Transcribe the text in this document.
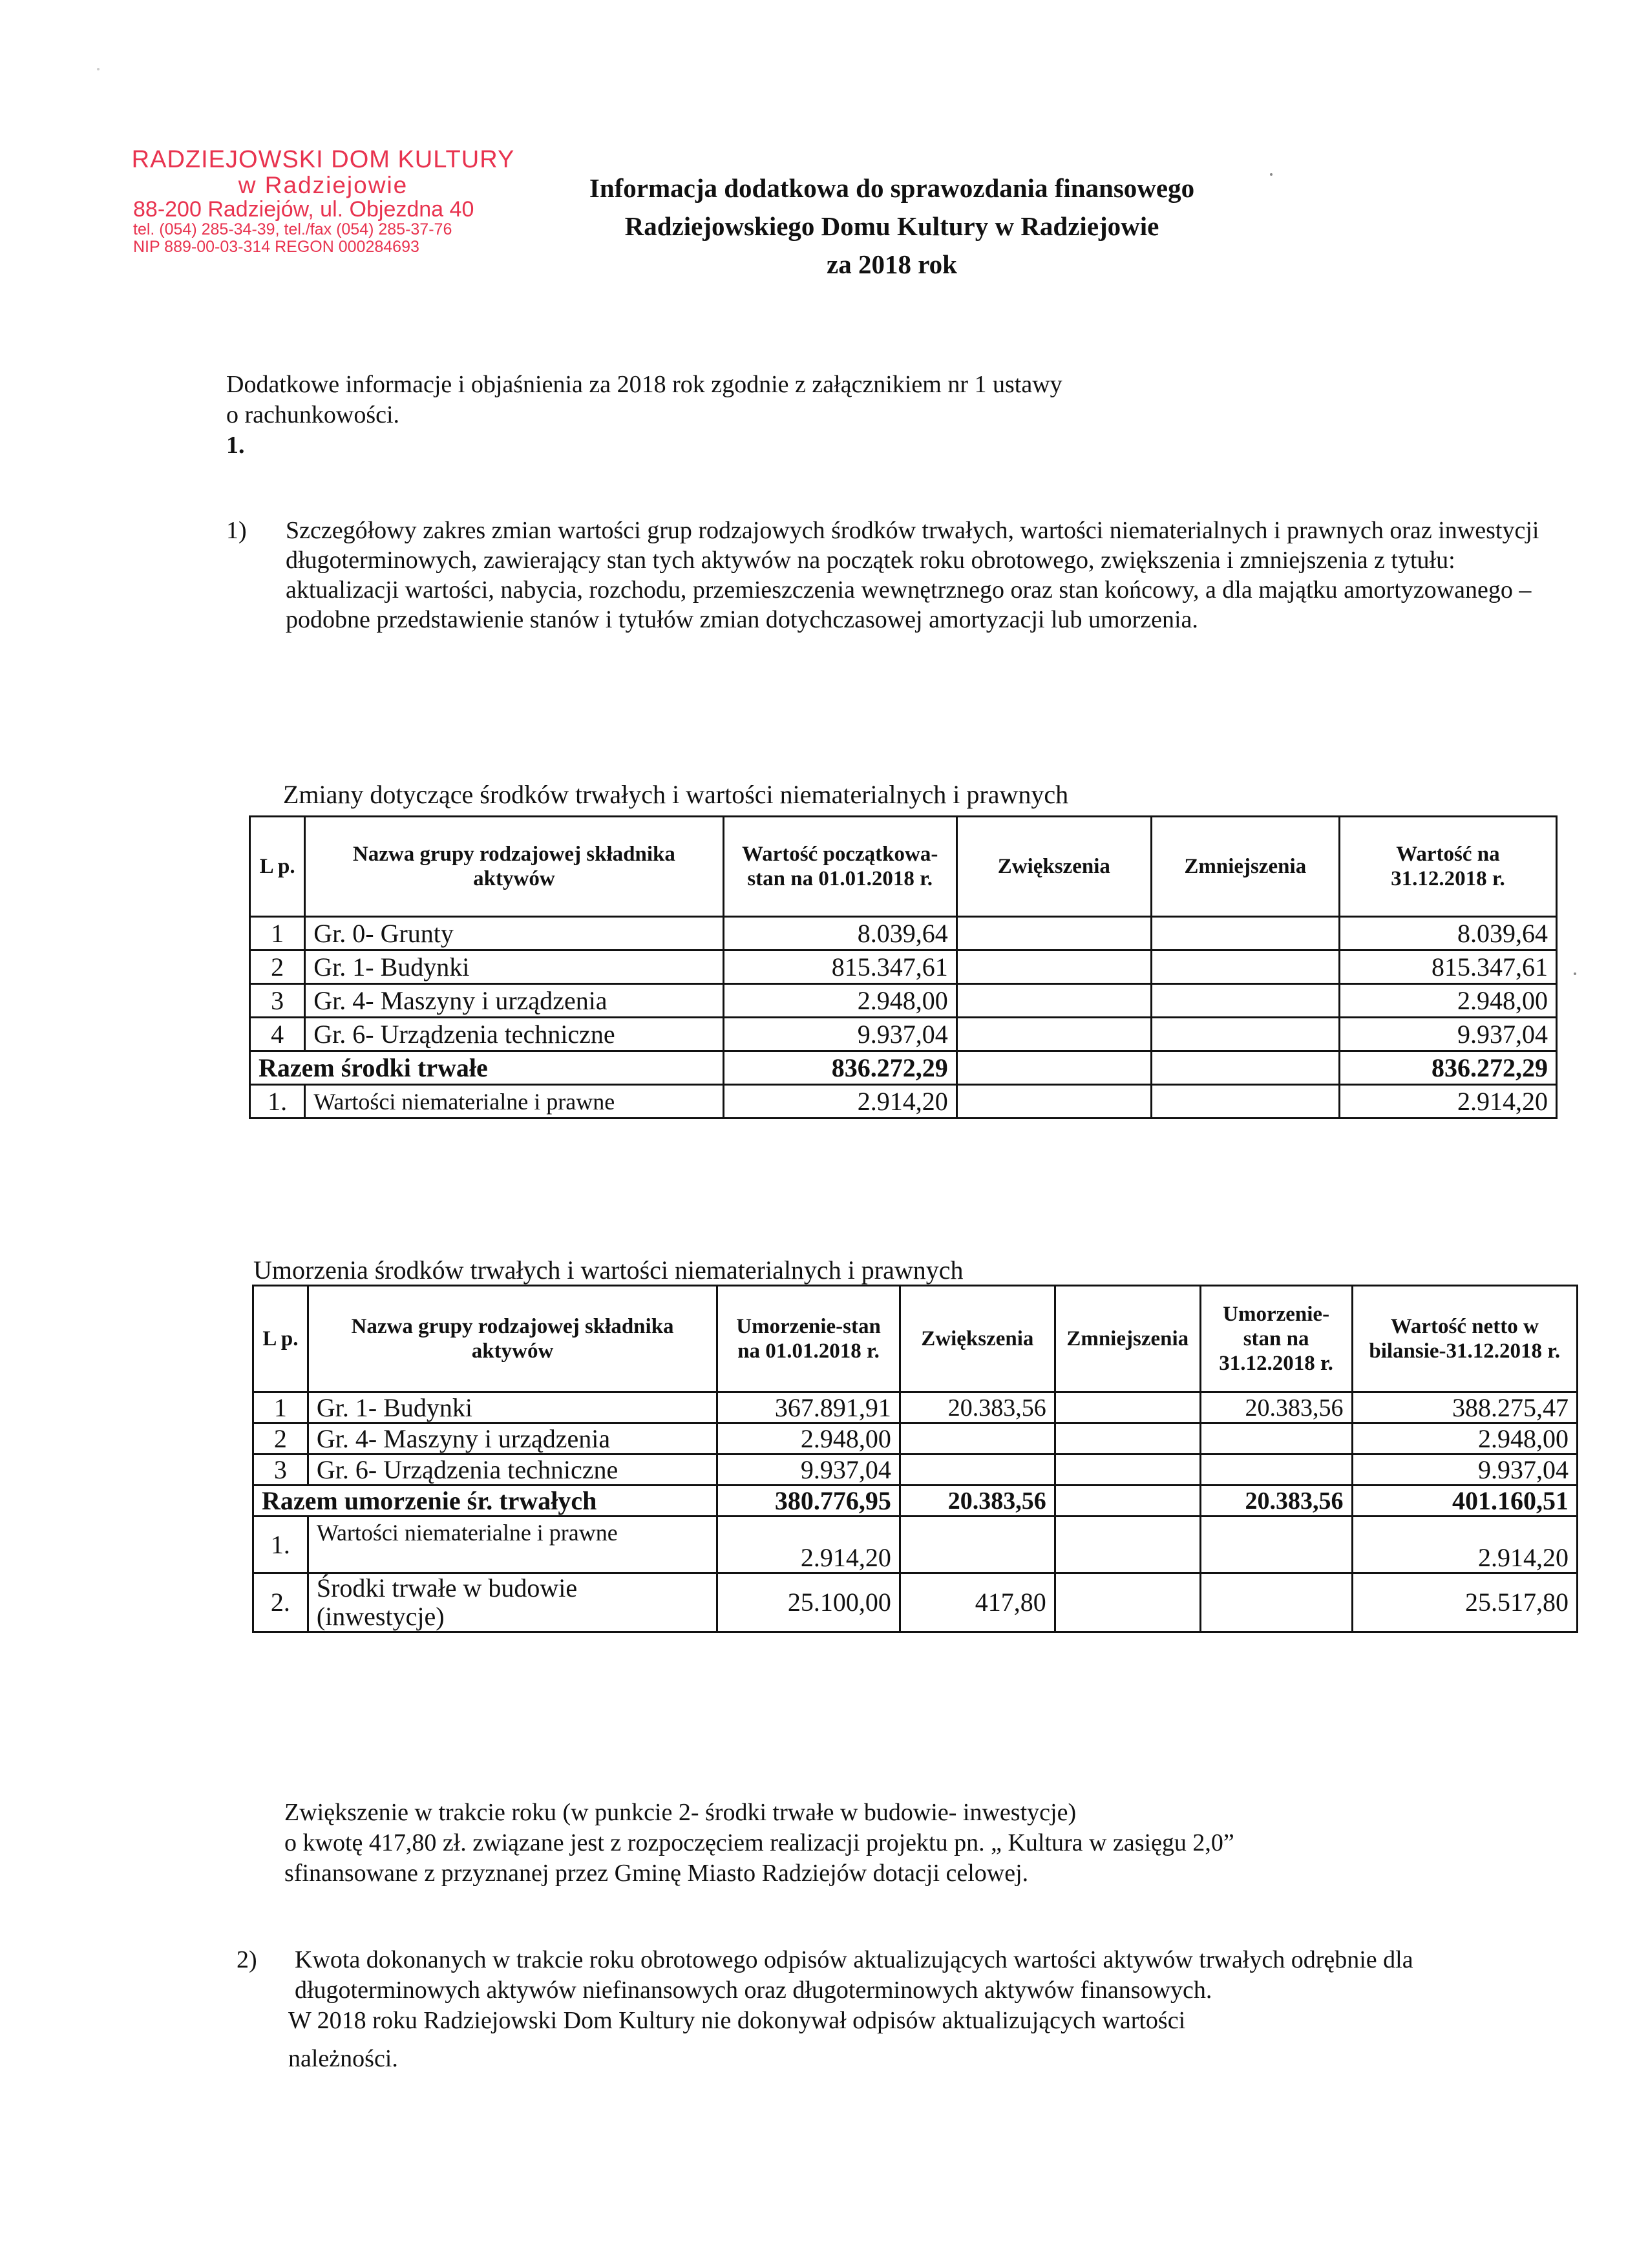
RADZIEJOWSKI DOM KULTURY
w Radziejowie
88-200 Radziejów, ul. Objezdna 40
tel. (054) 285-34-39, tel./fax (054) 285-37-76
NIP 889-00-03-314 REGON 000284693
Informacja dodatkowa do sprawozdania finansowego
Radziejowskiego Domu Kultury w Radziejowie
za 2018 rok
Dodatkowe informacje i objaśnienia za 2018 rok zgodnie z załącznikiem nr 1 ustawy
o rachunkowości.
1.
1) Szczegółowy zakres zmian wartości grup rodzajowych środków trwałych, wartości niematerialnych i prawnych oraz inwestycji długoterminowych, zawierający stan tych aktywów na początek roku obrotowego, zwiększenia i zmniejszenia z tytułu: aktualizacji wartości, nabycia, rozchodu, przemieszczenia wewnętrznego oraz stan końcowy, a dla majątku amortyzowanego – podobne przedstawienie stanów i tytułów zmian dotychczasowej amortyzacji lub umorzenia.
Zmiany dotyczące środków trwałych i wartości niematerialnych i prawnych
L p.	Nazwa grupy rodzajowej składnika aktywów	Wartość początkowa-stan na 01.01.2018 r.	Zwiększenia	Zmniejszenia	Wartość na 31.12.2018 r.
1	Gr. 0- Grunty	8.039,64			8.039,64
2	Gr. 1- Budynki	815.347,61			815.347,61
3	Gr. 4- Maszyny i urządzenia	2.948,00			2.948,00
4	Gr. 6- Urządzenia techniczne	9.937,04			9.937,04
Razem środki trwałe		836.272,29			836.272,29
1.	Wartości niematerialne i prawne	2.914,20			2.914,20
Umorzenia środków trwałych i wartości niematerialnych i prawnych
L p.	Nazwa grupy rodzajowej składnika aktywów	Umorzenie-stan na 01.01.2018 r.	Zwiększenia	Zmniejszenia	Umorzenie-stan na 31.12.2018 r.	Wartość netto w bilansie-31.12.2018 r.
1	Gr. 1- Budynki	367.891,91	20.383,56		20.383,56	388.275,47
2	Gr. 4- Maszyny i urządzenia	2.948,00				2.948,00
3	Gr. 6- Urządzenia techniczne	9.937,04				9.937,04
Razem umorzenie śr. trwałych		380.776,95	20.383,56		20.383,56	401.160,51
1.	Wartości niematerialne i prawne	2.914,20				2.914,20
2.	Środki trwałe w budowie (inwestycje)	25.100,00	417,80			25.517,80
Zwiększenie w trakcie roku (w punkcie 2- środki trwałe w budowie- inwestycje)
o kwotę 417,80 zł. związane jest z rozpoczęciem realizacji projektu pn. „ Kultura w zasięgu 2,0”
sfinansowane z przyznanej przez Gminę Miasto Radziejów dotacji celowej.
2) Kwota dokonanych w trakcie roku obrotowego odpisów aktualizujących wartości aktywów trwałych odrębnie dla długoterminowych aktywów niefinansowych oraz długoterminowych aktywów finansowych.
W 2018 roku Radziejowski Dom Kultury nie dokonywał odpisów aktualizujących wartości
należności.
